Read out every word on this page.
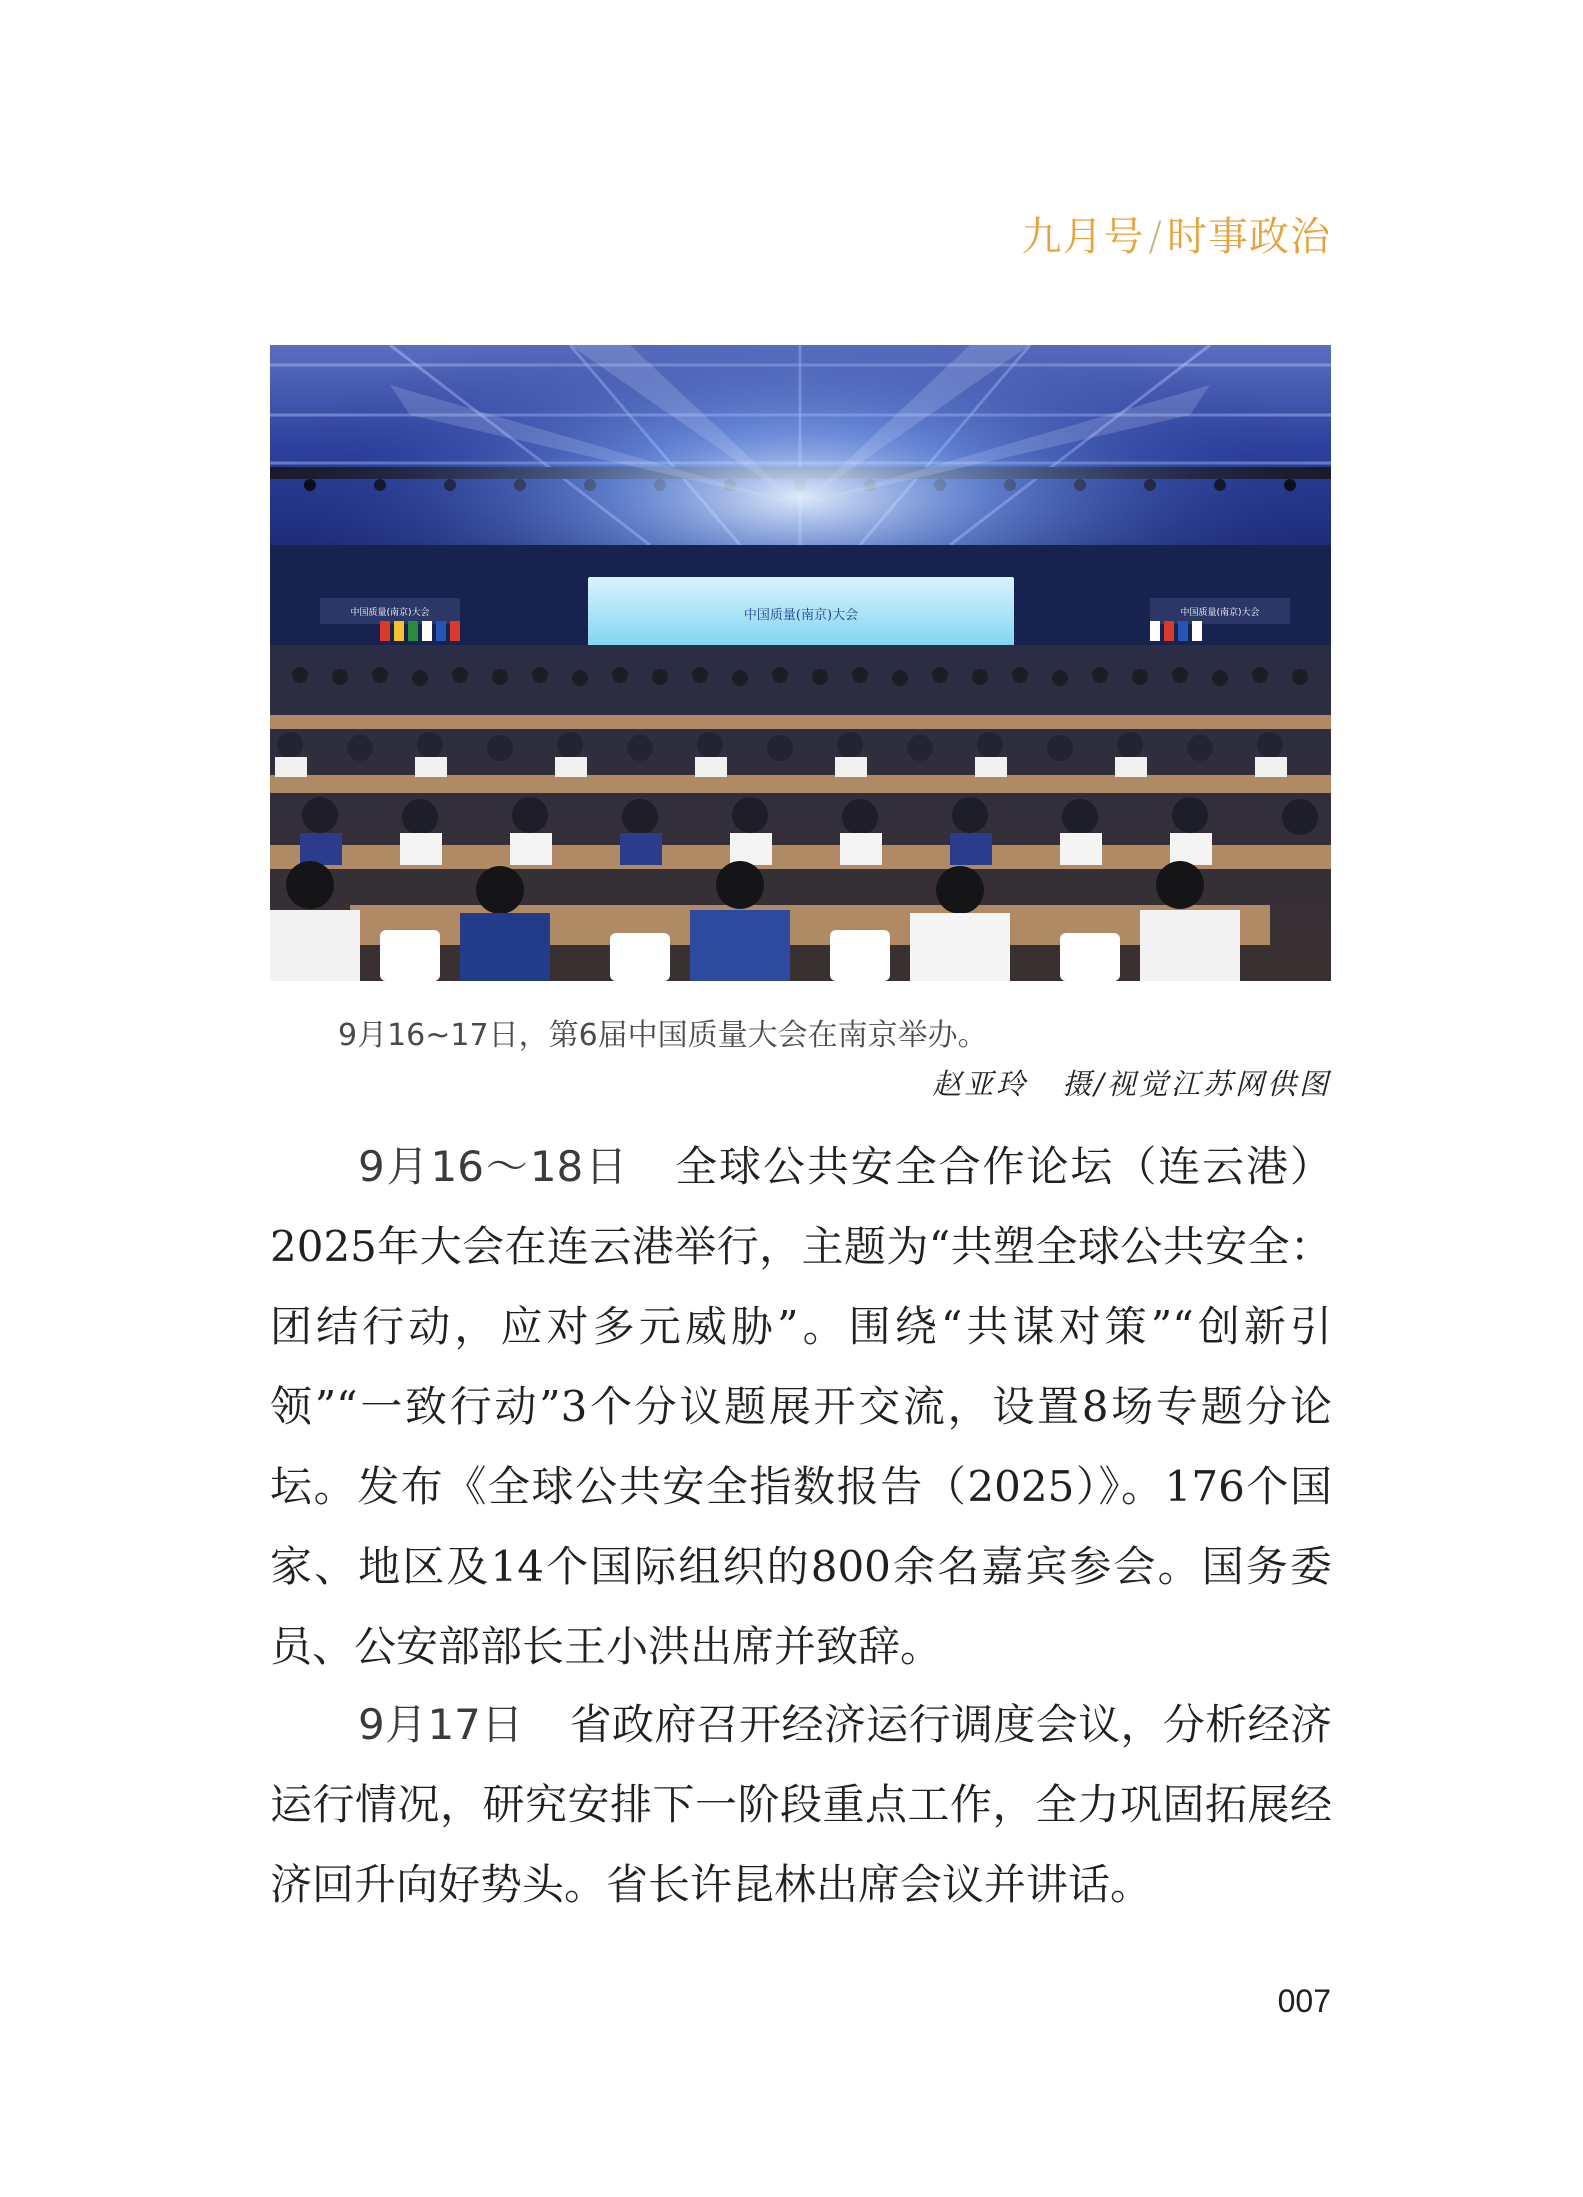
九月号 / 时事政治
中国质量(南京)大会
中国质量(南京)大会	中国质量(南京)大会
9月16~17日，第6届中国质量大会在南京举办。
赵亚玲 摄/视觉江苏网供图

9月16～18日 全球公共安全合作论坛（连云港）2025年大会在连云港举行，主题为“共塑全球公共安全：团结行动，应对多元威胁”。围绕“共谋对策”“创新引领”“一致行动”3个分议题展开交流，设置8场专题分论坛。发布《全球公共安全指数报告（2025）》。176个国家、地区及14个国际组织的800余名嘉宾参会。国务委员、公安部部长王小洪出席并致辞。

9月17日 省政府召开经济运行调度会议，分析经济运行情况，研究安排下一阶段重点工作，全力巩固拓展经济回升向好势头。省长许昆林出席会议并讲话。

007
